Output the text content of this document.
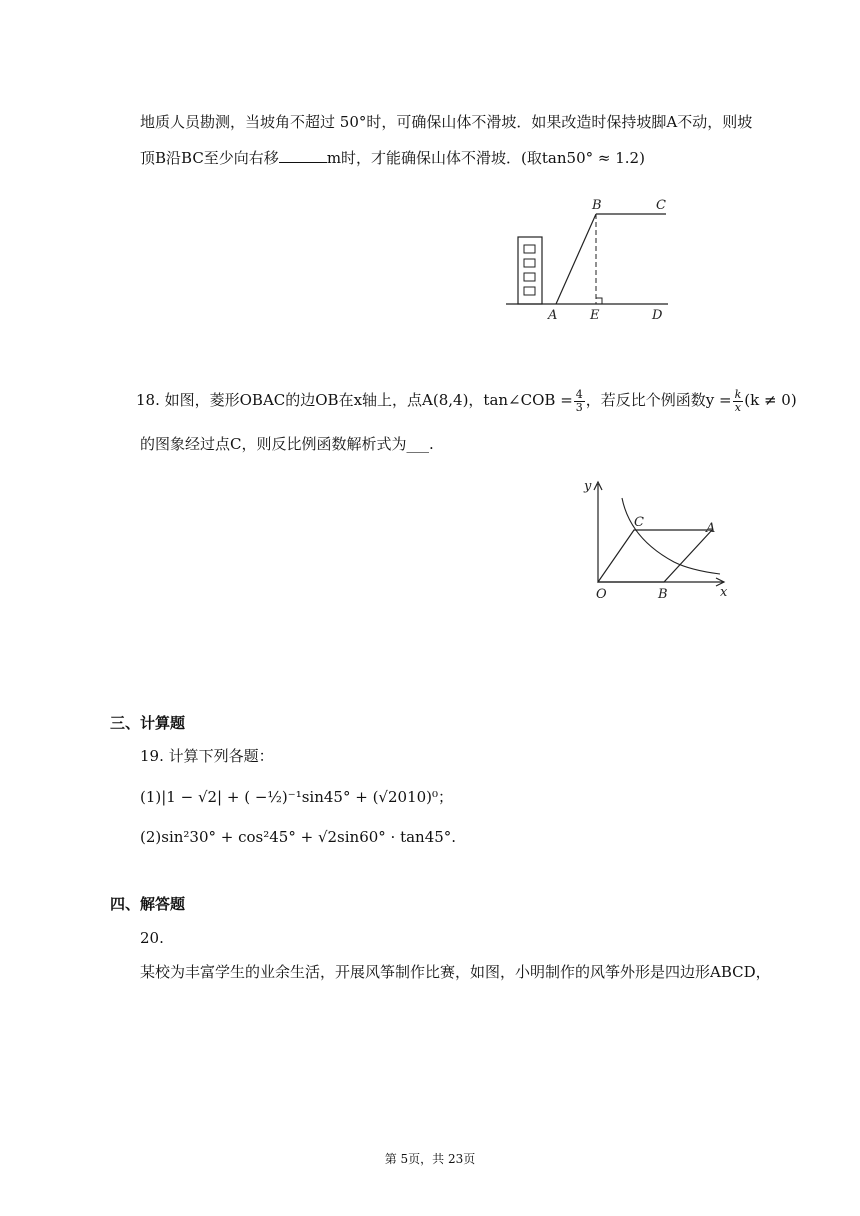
地质人员勘测，当坡角不超过 50°时，可确保山体不滑坡．如果改造时保持坡脚A不动，则坡
顶B沿BC至少向右移	m时，才能确保山体不滑坡．(取tan50° ≈ 1.2)
B	C
A	E	D
18. 如图，菱形OBAC的边OB在x轴上，点A(8,4)，tan∠COB = $\frac{4}{3}$ ，若反比个例函数$y = \frac{k}{x} (k \ne 0)$
的图象经过点C，则反比例函数解析式为___.
y
C	A
O	B	x
三、计算题
19. 计算下列各题：
(1)|1 − √2| + ( −½)⁻¹sin45° + (√2010)⁰；
(2)sin²30° + cos²45° + √2sin60° · tan45°.
四、解答题
20.
某校为丰富学生的业余生活，开展风筝制作比赛，如图，小明制作的风筝外形是四边形ABCD，
第 5页，共 23页
